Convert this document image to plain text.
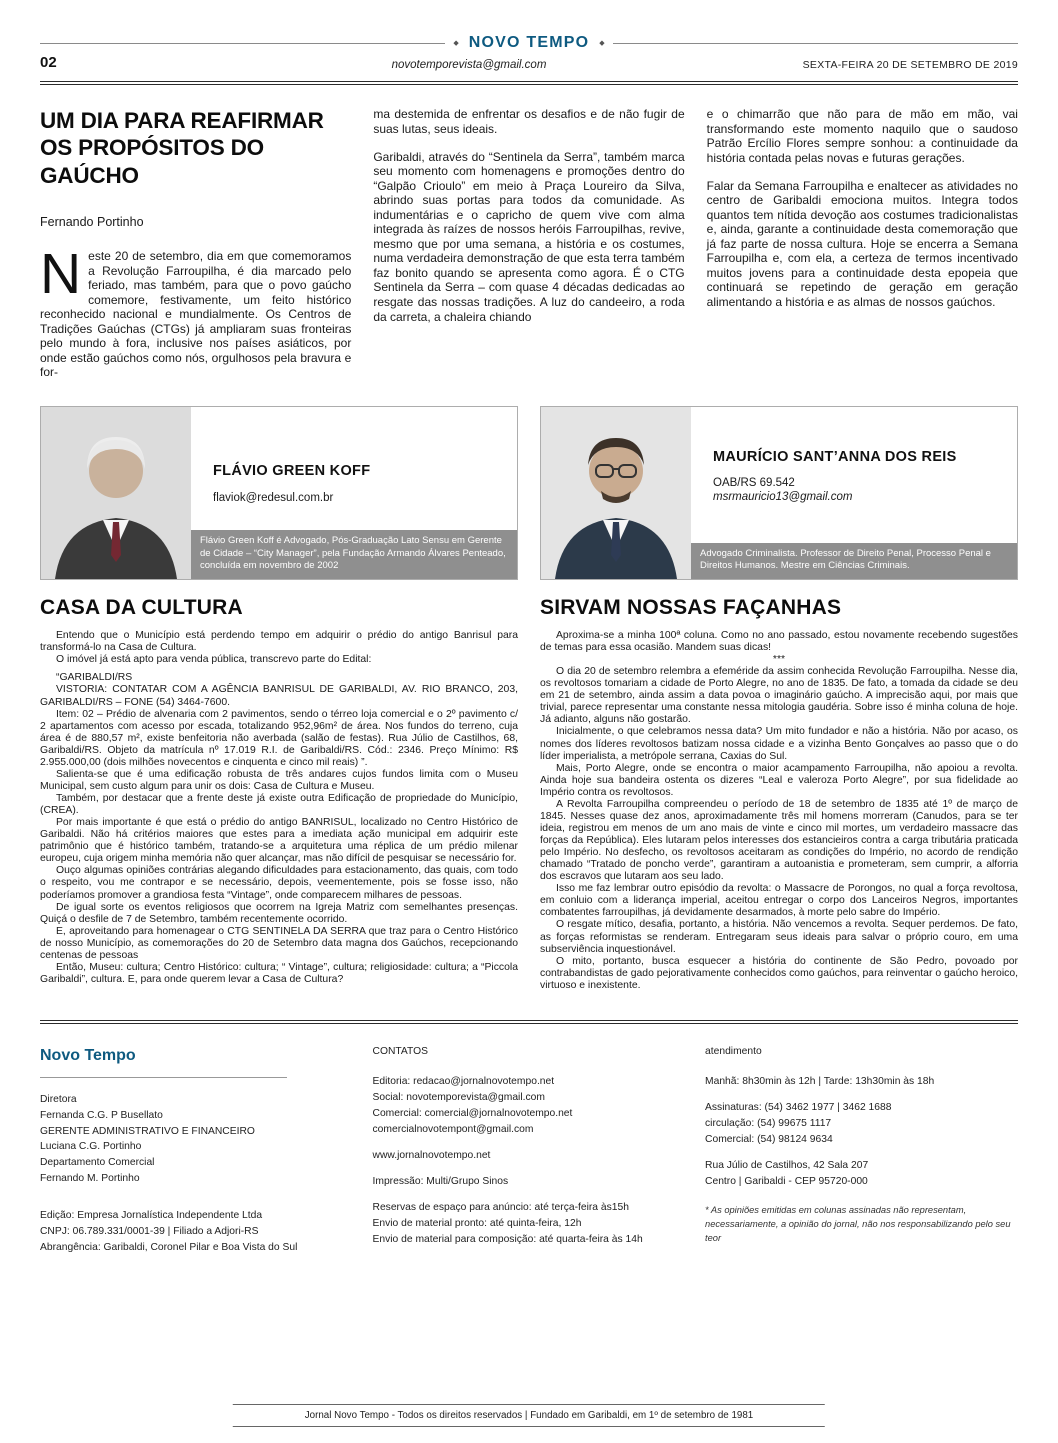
◆ NOVO TEMPO ◆
02	novotemporevista@gmail.com	SEXTA-FEIRA 20 DE SETEMBRO DE 2019
UM DIA PARA REAFIRMAR OS PROPÓSITOS DO GAÚCHO
Fernando Portinho

Neste 20 de setembro, dia em que comemoramos a Revolução Farroupilha, é dia marcado pelo feriado, mas também, para que o povo gaúcho comemore, festivamente, um feito histórico reconhecido nacional e mundialmente. Os Centros de Tradições Gaúchas (CTGs) já ampliaram suas fronteiras pelo mundo à fora, inclusive nos países asiáticos, por onde estão gaúchos como nós, orgulhosos pela bravura e for-

ma destemida de enfrentar os desafios e de não fugir de suas lutas, seus ideais.

Garibaldi, através do “Sentinela da Serra”, também marca seu momento com homenagens e promoções dentro do “Galpão Crioulo” em meio à Praça Loureiro da Silva, abrindo suas portas para todos da comunidade. As indumentárias e o capricho de quem vive com alma integrada às raízes de nossos heróis Farroupilhas, revive, mesmo que por uma semana, a história e os costumes, numa verdadeira demonstração de que esta terra também faz bonito quando se apresenta como agora. É o CTG Sentinela da Serra – com quase 4 décadas dedicadas ao resgate das nossas tradições. A luz do candeeiro, a roda da carreta, a chaleira chiando

e o chimarrão que não para de mão em mão, vai transformando este momento naquilo que o saudoso Patrão Ercílio Flores sempre sonhou: a continuidade da história contada pelas novas e futuras gerações.

Falar da Semana Farroupilha e enaltecer as atividades no centro de Garibaldi emociona muitos. Integra todos quantos tem nítida devoção aos costumes tradicionalistas e, ainda, garante a continuidade desta comemoração que já faz parte de nossa cultura. Hoje se encerra a Semana Farroupilha e, com ela, a certeza de termos incentivado muitos jovens para a continuidade desta epopeia que continuará se repetindo de geração em geração alimentando a história e as almas de nossos gaúchos.

FLÁVIO GREEN KOFF
flaviok@redesul.com.br
Flávio Green Koff é Advogado, Pós-Graduação Lato Sensu em Gerente de Cidade – “City Manager”, pela Fundação Armando Álvares Penteado, concluída em novembro de 2002
CASA DA CULTURA

Entendo que o Município está perdendo tempo em adquirir o prédio do antigo Banrisul para transformá-lo na Casa de Cultura.

O imóvel já está apto para venda pública, transcrevo parte do Edital:

“GARIBALDI/RS

VISTORIA: CONTATAR COM A AGÊNCIA BANRISUL DE GARIBALDI, AV. RIO BRANCO, 203, GARIBALDI/RS – FONE (54) 3464-7600.

Item: 02 – Prédio de alvenaria com 2 pavimentos, sendo o térreo loja comercial e o 2º pavimento c/ 2 apartamentos com acesso por escada, totalizando 952,96m² de área. Nos fundos do terreno, cuja área é de 880,57 m², existe benfeitoria não averbada (salão de festas). Rua Júlio de Castilhos, 68, Garibaldi/RS. Objeto da matrícula nº 17.019 R.I. de Garibaldi/RS. Cód.: 2346. Preço Mínimo: R$ 2.955.000,00 (dois milhões novecentos e cinquenta e cinco mil reais) ”.

Salienta-se que é uma edificação robusta de três andares cujos fundos limita com o Museu Municipal, sem custo algum para unir os dois: Casa de Cultura e Museu.

Também, por destacar que a frente deste já existe outra Edificação de propriedade do Município, (CREA).

Por mais importante é que está o prédio do antigo BANRISUL, localizado no Centro Histórico de Garibaldi. Não há critérios maiores que estes para a imediata ação municipal em adquirir este patrimônio que é histórico também, tratando-se a arquitetura uma réplica de um prédio milenar europeu, cuja origem minha memória não quer alcançar, mas não difícil de pesquisar se necessário for.

Ouço algumas opiniões contrárias alegando dificuldades para estacionamento, das quais, com todo o respeito, vou me contrapor e se necessário, depois, veementemente, pois se fosse isso, não poderíamos promover a grandiosa festa “Vintage”, onde comparecem milhares de pessoas.

De igual sorte os eventos religiosos que ocorrem na Igreja Matriz com semelhantes presenças. Quiçá o desfile de 7 de Setembro, também recentemente ocorrido.

E, aproveitando para homenagear o CTG SENTINELA DA SERRA que traz para o Centro Histórico de nosso Município, as comemorações do 20 de Setembro data magna dos Gaúchos, recepcionando centenas de pessoas

Então, Museu: cultura; Centro Histórico: cultura; “ Vintage”, cultura; religiosidade: cultura; a “Piccola Garibaldi”, cultura. E, para onde querem levar a Casa de Cultura?

MAURÍCIO SANT’ANNA DOS REIS
OAB/RS 69.542
msrmauricio13@gmail.com
Advogado Criminalista. Professor de Direito Penal, Processo Penal e Direitos Humanos. Mestre em Ciências Criminais.
SIRVAM NOSSAS FAÇANHAS

Aproxima-se a minha 100ª coluna. Como no ano passado, estou novamente recebendo sugestões de temas para essa ocasião. Mandem suas dicas!

***

O dia 20 de setembro relembra a efeméride da assim conhecida Revolução Farroupilha. Nesse dia, os revoltosos tomariam a cidade de Porto Alegre, no ano de 1835. De fato, a tomada da cidade se deu em 21 de setembro, ainda assim a data povoa o imaginário gaúcho. A imprecisão aqui, por mais que trivial, parece representar uma constante nessa mitologia gaudéria. Sobre isso é minha coluna de hoje. Já adianto, alguns não gostarão.

Inicialmente, o que celebramos nessa data? Um mito fundador e não a história. Não por acaso, os nomes dos líderes revoltosos batizam nossa cidade e a vizinha Bento Gonçalves ao passo que o do líder imperialista, a metrópole serrana, Caxias do Sul.

Mais, Porto Alegre, onde se encontra o maior acampamento Farroupilha, não apoiou a revolta. Ainda hoje sua bandeira ostenta os dizeres “Leal e valeroza Porto Alegre”, por sua fidelidade ao Império contra os revoltosos.

A Revolta Farroupilha compreendeu o período de 18 de setembro de 1835 até 1º de março de 1845. Nesses quase dez anos, aproximadamente três mil homens morreram (Canudos, para se ter ideia, registrou em menos de um ano mais de vinte e cinco mil mortes, um verdadeiro massacre das forças da República). Eles lutaram pelos interesses dos estancieiros contra a carga tributária praticada pelo Império. No desfecho, os revoltosos aceitaram as condições do Império, no acordo de rendição chamado “Tratado de poncho verde”, garantiram a autoanistia e prometeram, sem cumprir, a alforria dos escravos que lutaram aos seu lado.

Isso me faz lembrar outro episódio da revolta: o Massacre de Porongos, no qual a força revoltosa, em conluio com a liderança imperial, aceitou entregar o corpo dos Lanceiros Negros, importantes combatentes farroupilhas, já devidamente desarmados, à morte pelo sabre do Império.

O resgate mítico, desafia, portanto, a história. Não vencemos a revolta. Sequer perdemos. De fato, as forças reformistas se renderam. Entregaram seus ideais para salvar o próprio couro, em uma subserviência inquestionável.

O mito, portanto, busca esquecer a história do continente de São Pedro, povoado por contrabandistas de gado pejorativamente conhecidos como gaúchos, para reinventar o gaúcho heroico, virtuoso e inexistente.

Novo Tempo
Diretora
Fernanda C.G. P Busellato
GERENTE ADMINISTRATIVO E FINANCEIRO
Luciana C.G. Portinho
Departamento Comercial
Fernando M. Portinho
Edição: Empresa Jornalística Independente Ltda
CNPJ: 06.789.331/0001-39 | Filiado a Adjori-RS
Abrangência: Garibaldi, Coronel Pilar e Boa Vista do Sul
CONTATOS
Editoria: redacao@jornalnovotempo.net
Social: novotemporevista@gmail.com
Comercial: comercial@jornalnovotempo.net
comercialnovotempont@gmail.com
www.jornalnovotempo.net
Impressão: Multi/Grupo Sinos
Reservas de espaço para anúncio: até terça-feira às15h
Envio de material pronto: até quinta-feira, 12h
Envio de material para composição: até quarta-feira às 14h
atendimento
Manhã: 8h30min às 12h | Tarde: 13h30min às 18h
Assinaturas: (54) 3462 1977 | 3462 1688
circulação: (54) 99675 1117
Comercial: (54) 98124 9634
Rua Júlio de Castilhos, 42 Sala 207
Centro | Garibaldi - CEP 95720-000
* As opiniões emitidas em colunas assinadas não representam, necessariamente, a opinião do jornal, não nos responsabilizando pelo seu teor
Jornal Novo Tempo - Todos os direitos reservados | Fundado em Garibaldi, em 1º de setembro de 1981
